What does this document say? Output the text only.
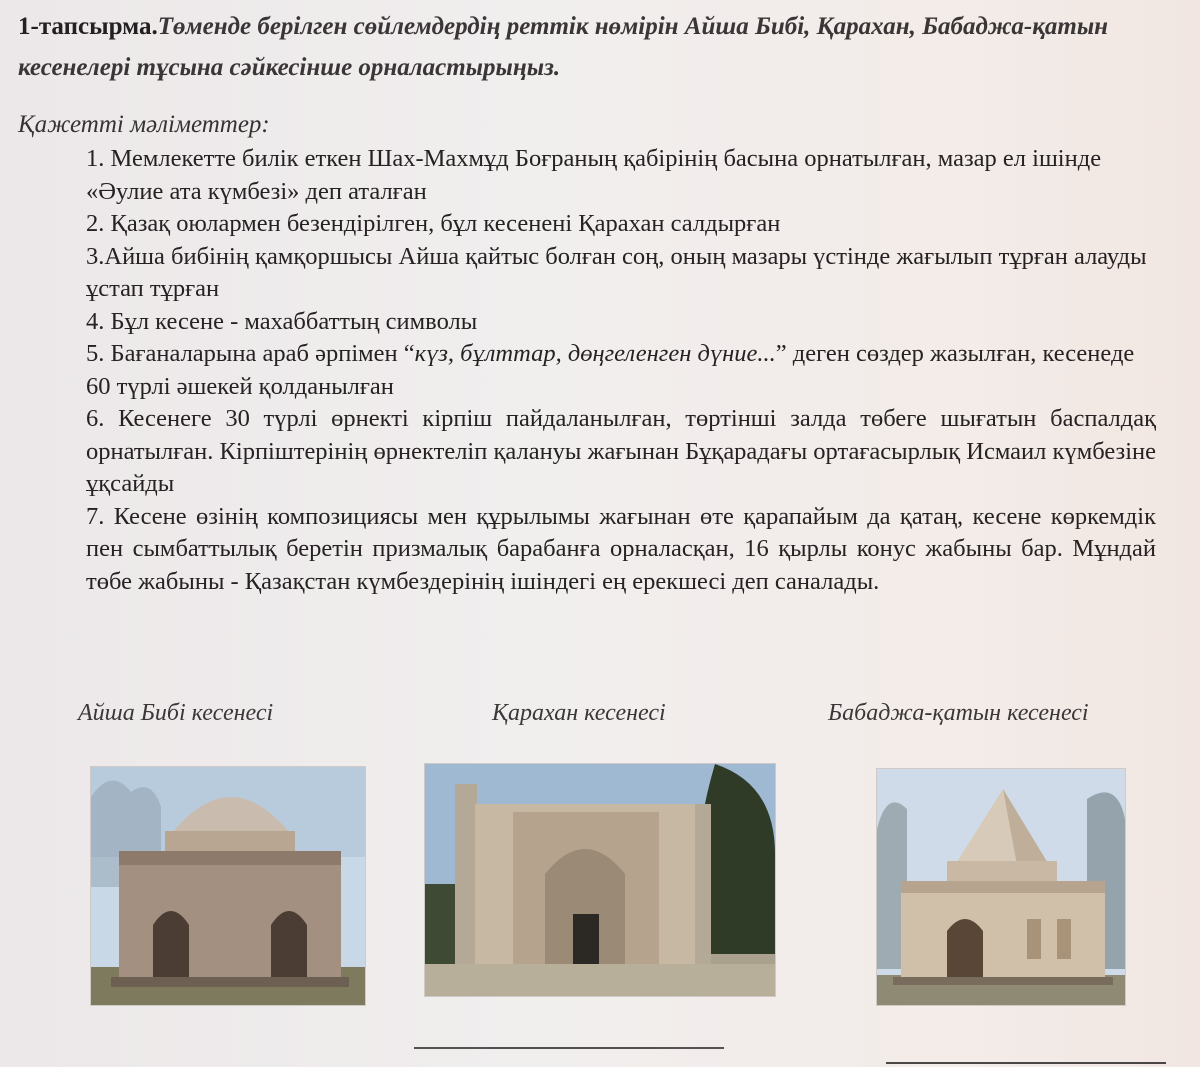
1-тапсырма.Төменде берілген сөйлемдердің реттік нөмірін Айша Бибі, Қарахан, Бабаджа-қатын кесенелері тұсына сәйкесінше орналастырыңыз.
Қажетті мәліметтер:

1. Мемлекетте билік еткен Шах-Махмұд Боғраның қабірінің басына орнатылған, мазар ел ішінде «Әулие ата күмбезі» деп аталған

2. Қазақ оюлармен безендірілген, бұл кесенені Қарахан салдырған

3.Айша бибінің қамқоршысы Айша қайтыс болған соң, оның мазары үстінде жағылып тұрған алауды ұстап тұрған

4. Бұл кесене - махаббаттың символы

5. Бағаналарына араб әрпімен “күз, бұлттар, дөңгеленген дүние...” деген сөздер жазылған, кесенеде 60 түрлі әшекей қолданылған

6. Кесенеге 30 түрлі өрнекті кірпіш пайдаланылған, төртінші залда төбеге шығатын баспалдақ орнатылған. Кірпіштерінің өрнектеліп қалануы жағынан Бұқарадағы ортағасырлық Исмаил күмбезіне ұқсайды

7. Кесене өзінің композициясы мен құрылымы жағынан өте қарапайым да қатаң, кесене көркемдік пен сымбаттылық беретін призмалық барабанға орналасқан, 16 қырлы конус жабыны бар. Мұндай төбе жабыны - Қазақстан күмбездерінің ішіндегі ең ерекшесі деп саналады.

Айша Бибі кесенесі	Қарахан кесенесі	Бабаджа-қатын кесенесі
